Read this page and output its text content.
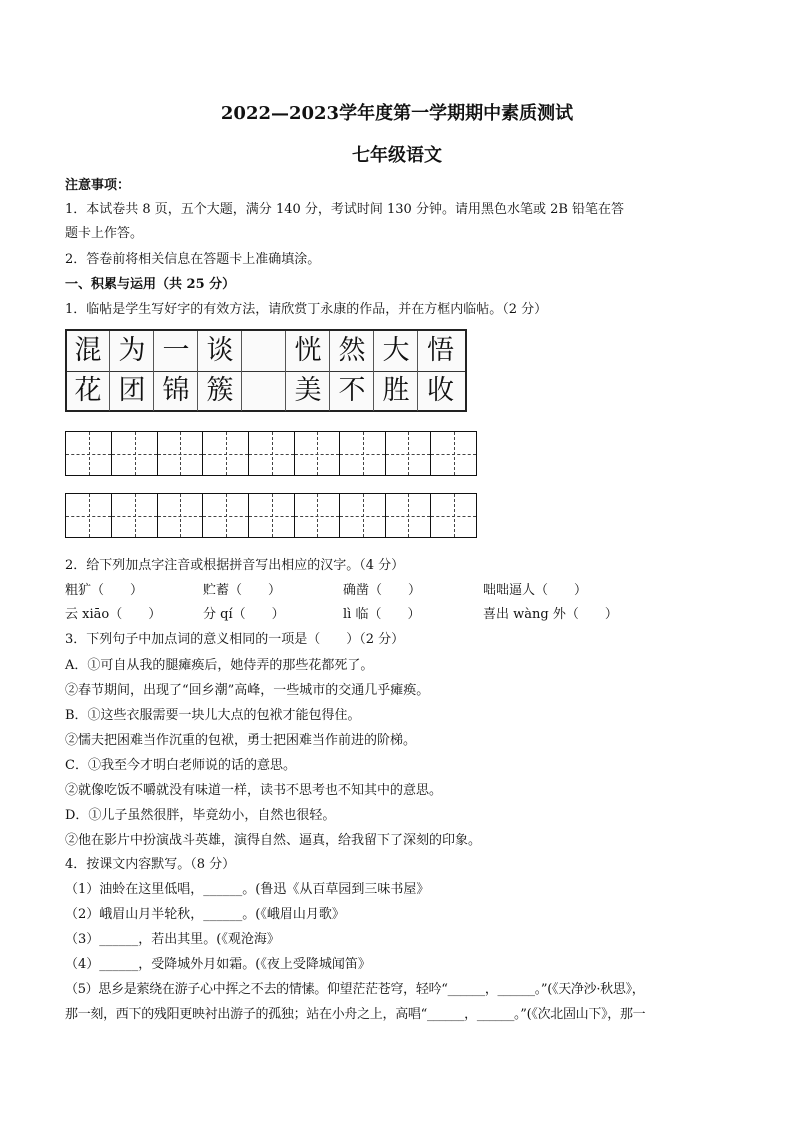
2022—2023学年度第一学期期中素质测试
七年级语文
注意事项：
1．本试卷共 8 页，五个大题，满分 140 分，考试时间 130 分钟。请用黑色水笔或 2B 铅笔在答
题卡上作答。
2．答卷前将相关信息在答题卡上准确填涂。
一、积累与运用（共 25 分）
1．临帖是学生写好字的有效方法，请欣赏丁永康的作品，并在方框内临帖。（2 分）
混 为 一 谈	恍 然 大 悟
花 团 锦 簇	美 不 胜 收
2．给下列加点字注音或根据拼音写出相应的汉字。（4 分）
粗犷（　　）	贮蓄（　　）	确凿（　　）	咄咄逼人（　　）
云 xiāo（　　）	分 qí（　　）	lì 临（　　）	喜出 wàng 外（　　）
3．下列句子中加点词的意义相同的一项是（　　）（2 分）
A．①可自从我的腿瘫痪后，她侍弄的那些花都死了。
②春节期间，出现了“回乡潮”高峰，一些城市的交通几乎瘫痪。
B．①这些衣服需要一块儿大点的包袱才能包得住。
②懦夫把困难当作沉重的包袱，勇士把困难当作前进的阶梯。
C．①我至今才明白老师说的话的意思。
②就像吃饭不嚼就没有味道一样，读书不思考也不知其中的意思。
D．①儿子虽然很胖，毕竟幼小，自然也很轻。
②他在影片中扮演战斗英雄，演得自然、逼真，给我留下了深刻的印象。
4．按课文内容默写。（8 分）
（1）油蛉在这里低唱，______。(鲁迅《从百草园到三味书屋》
（2）峨眉山月半轮秋，______。(《峨眉山月歌》
（3）______，若出其里。(《观沧海》
（4）______，受降城外月如霜。(《夜上受降城闻笛》
（5）思乡是萦绕在游子心中挥之不去的情愫。仰望茫茫苍穹，轻吟“______，______。”(《天净沙·秋思》，
那一刻，西下的残阳更映衬出游子的孤独；站在小舟之上，高唱“______，______。”(《次北固山下》，那一
